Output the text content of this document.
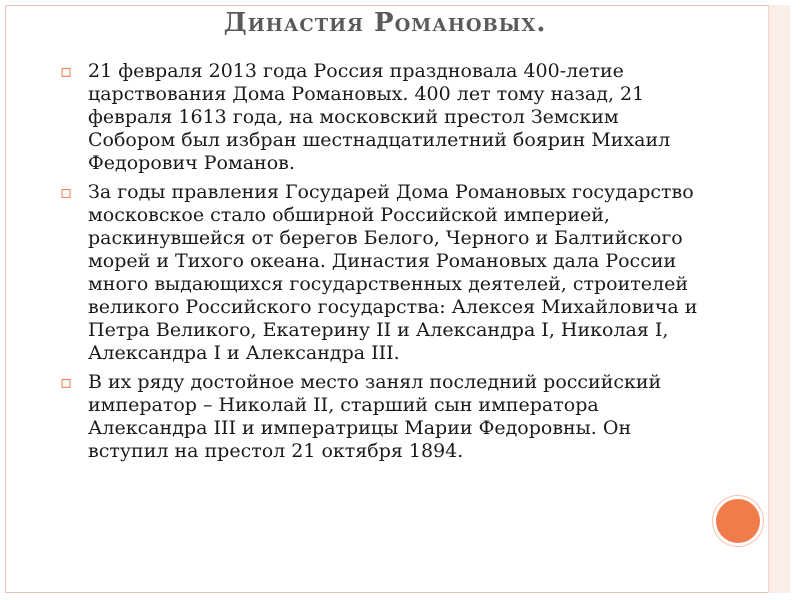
Династия Романовых.
▫ 21 февраля 2013 года Россия праздновала 400-летие царствования Дома Романовых. 400 лет тому назад, 21 февраля 1613 года, на московский престол Земским Собором был избран шестнадцатилетний боярин Михаил Федорович Романов.
▫ За годы правления Государей Дома Романовых государство московское стало обширной Российской империей, раскинувшейся от берегов Белого, Черного и Балтийского морей и Тихого океана. Династия Романовых дала России много выдающихся государственных деятелей, строителей великого Российского государства: Алексея Михайловича и Петра Великого, Екатерину II и Александра I, Николая I, Александра I и Александра III.
▫ В их ряду достойное место занял последний российский император – Николай II, старший сын императора Александра III и императрицы Марии Федоровны. Он вступил на престол 21 октября 1894.
